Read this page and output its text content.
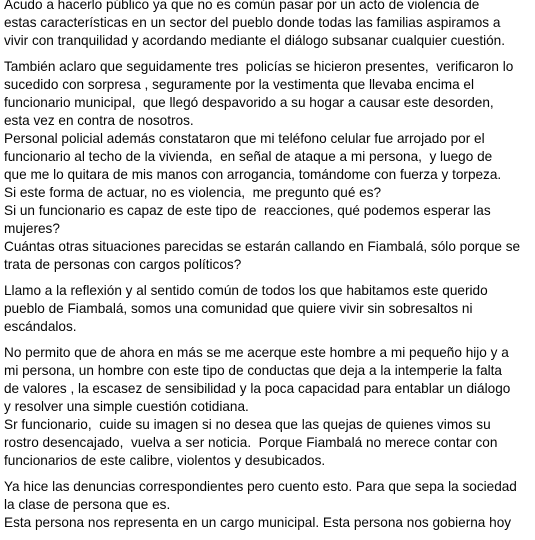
Acudo a hacerlo público ya que no es común pasar por un acto de violencia de
estas características en un sector del pueblo donde todas las familias aspiramos a
vivir con tranquilidad y acordando mediante el diálogo subsanar cualquier cuestión.
También aclaro que seguidamente tres  policías se hicieron presentes,  verificaron lo
sucedido con sorpresa , seguramente por la vestimenta que llevaba encima el
funcionario municipal,  que llegó despavorido a su hogar a causar este desorden,
esta vez en contra de nosotros.
Personal policial además constataron que mi teléfono celular fue arrojado por el
funcionario al techo de la vivienda,  en señal de ataque a mi persona,  y luego de
que me lo quitara de mis manos con arrogancia, tomándome con fuerza y torpeza.
Si este forma de actuar, no es violencia,  me pregunto qué es?
Si un funcionario es capaz de este tipo de  reacciones, qué podemos esperar las
mujeres?
Cuántas otras situaciones parecidas se estarán callando en Fiambalá, sólo porque se
trata de personas con cargos políticos?
Llamo a la reflexión y al sentido común de todos los que habitamos este querido
pueblo de Fiambalá, somos una comunidad que quiere vivir sin sobresaltos ni
escándalos.
No permito que de ahora en más se me acerque este hombre a mi pequeño hijo y a
mi persona, un hombre con este tipo de conductas que deja a la intemperie la falta
de valores , la escasez de sensibilidad y la poca capacidad para entablar un diálogo
y resolver una simple cuestión cotidiana.
Sr funcionario,  cuide su imagen si no desea que las quejas de quienes vimos su
rostro desencajado,  vuelva a ser noticia.  Porque Fiambalá no merece contar con
funcionarios de este calibre, violentos y desubicados.
Ya hice las denuncias correspondientes pero cuento esto. Para que sepa la sociedad
la clase de persona que es.
Esta persona nos representa en un cargo municipal. Esta persona nos gobierna hoy
